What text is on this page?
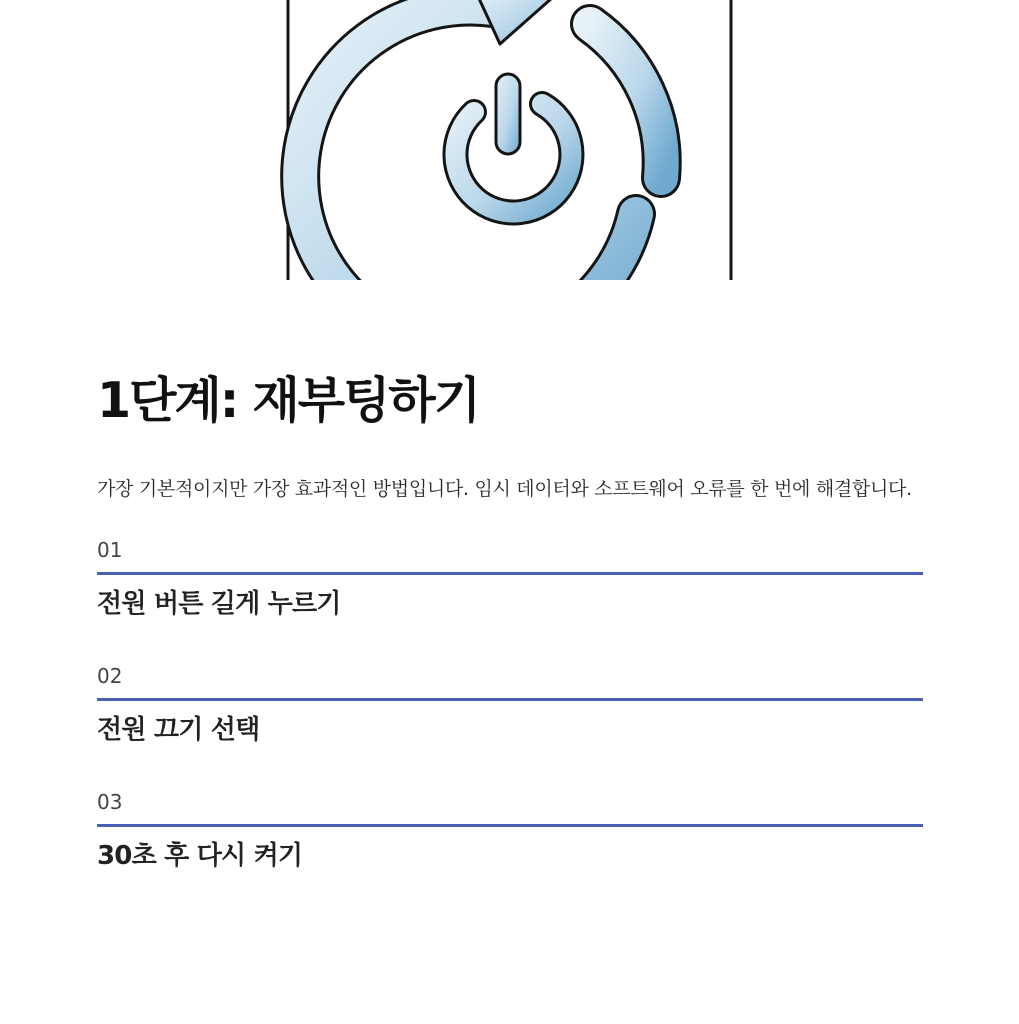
1단계: 재부팅하기

가장 기본적이지만 가장 효과적인 방법입니다. 임시 데이터와 소프트웨어 오류를 한 번에 해결합니다.

01
전원 버튼 길게 누르기
02
전원 끄기 선택
03
30초 후 다시 켜기
